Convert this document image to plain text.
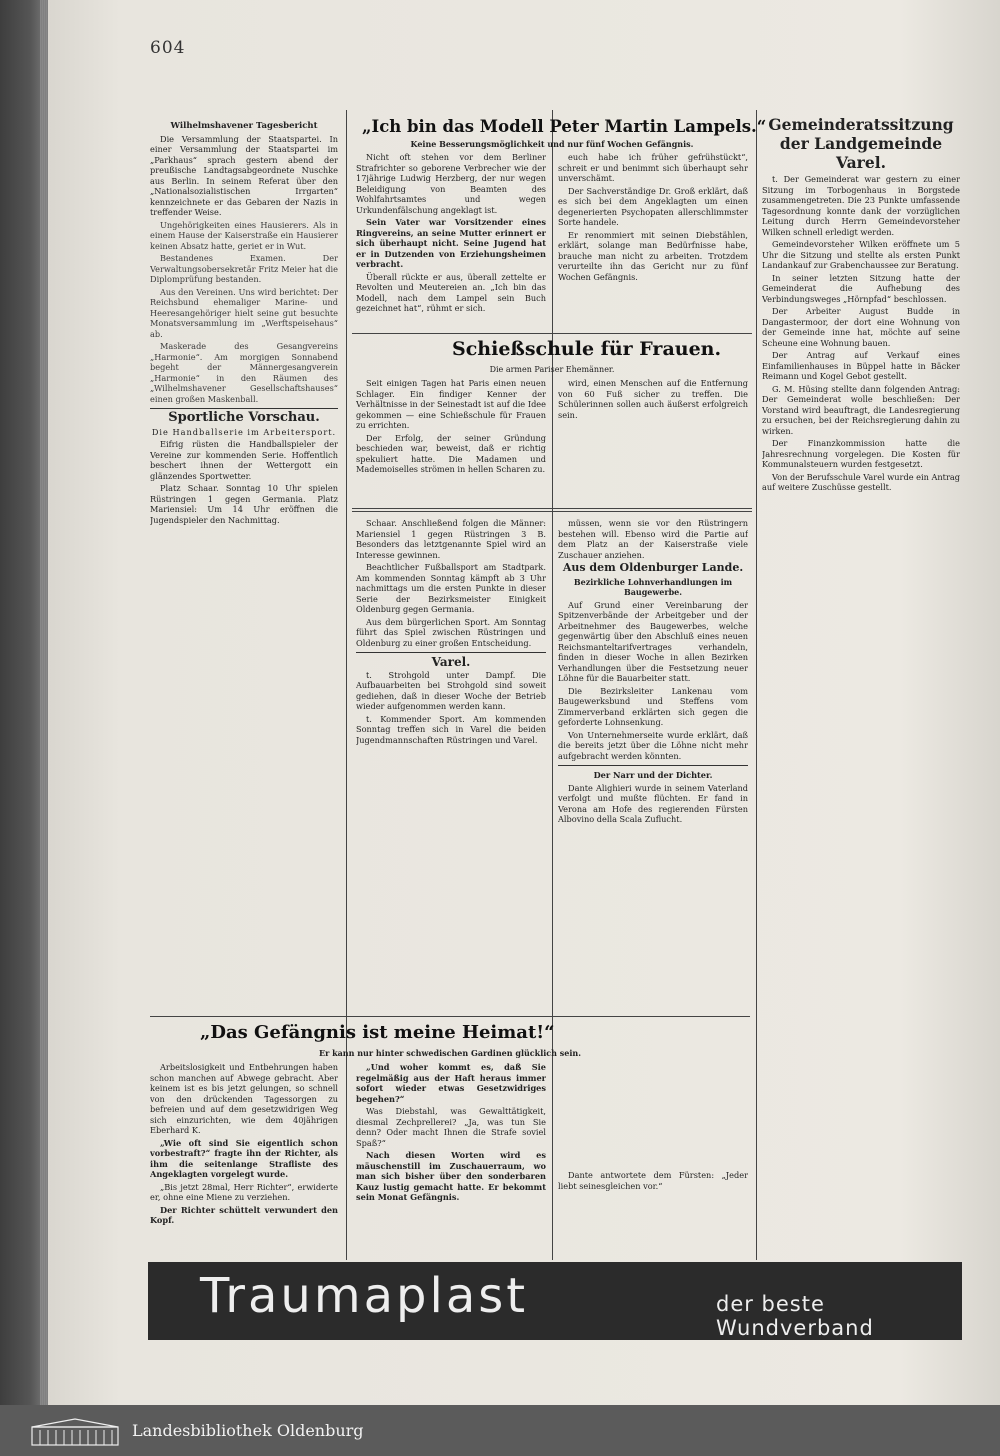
604
Wilhelmshavener Tagesbericht

Die Versammlung der Staatspartei. In einer Versammlung der Staatspartei im „Parkhaus“ sprach gestern abend der preußische Landtagsabgeordnete Nuschke aus Berlin. In seinem Referat über den „Nationalsozialistischen Irrgarten“ kennzeichnete er das Gebaren der Nazis in treffender Weise.

Ungehörigkeiten eines Hausierers. Als in einem Hause der Kaiserstraße ein Hausierer keinen Absatz hatte, geriet er in Wut.

Bestandenes Examen. Der Verwaltungsobersekretär Fritz Meier hat die Diplomprüfung bestanden.

Aus den Vereinen. Uns wird berichtet: Der Reichsbund ehemaliger Marine- und Heeresangehöriger hielt seine gut besuchte Monatsversammlung im „Werftspeisehaus“ ab.

Maskerade des Gesangvereins „Harmonie“. Am morgigen Sonnabend begeht der Männergesangverein „Harmonie“ in den Räumen des „Wilhelmshavener Gesellschaftshauses“ einen großen Maskenball.

Sportliche Vorschau.
Die Handballserie im Arbeitersport.

Eifrig rüsten die Handballspieler der Vereine zur kommenden Serie. Hoffentlich beschert ihnen der Wettergott ein glänzendes Sportwetter.

Platz Schaar. Sonntag 10 Uhr spielen Rüstringen 1 gegen Germania. Platz Mariensiel: Um 14 Uhr eröffnen die Jugendspieler den Nachmittag.

„Ich bin das Modell Peter Martin Lampels.“
Keine Besserungsmöglichkeit und nur fünf Wochen Gefängnis.

Nicht oft stehen vor dem Berliner Strafrichter so geborene Verbrecher wie der 17jährige Ludwig Herzberg, der nur wegen Beleidigung von Beamten des Wohlfahrtsamtes und wegen Urkundenfälschung angeklagt ist.

Sein Vater war Vorsitzender eines Ringvereins, an seine Mutter erinnert er sich überhaupt nicht. Seine Jugend hat er in Dutzenden von Erziehungsheimen verbracht.

Überall rückte er aus, überall zettelte er Revolten und Meutereien an. „Ich bin das Modell, nach dem Lampel sein Buch gezeichnet hat“, rühmt er sich.

euch habe ich früher gefrühstückt“, schreit er und benimmt sich überhaupt sehr unverschämt.

Der Sachverständige Dr. Groß erklärt, daß es sich bei dem Angeklagten um einen degenerierten Psychopaten allerschlimmster Sorte handele.

Er renommiert mit seinen Diebstählen, erklärt, solange man Bedürfnisse habe, brauche man nicht zu arbeiten. Trotzdem verurteilte ihn das Gericht nur zu fünf Wochen Gefängnis.

Schießschule für Frauen.
Die armen Pariser Ehemänner.

Seit einigen Tagen hat Paris einen neuen Schlager. Ein findiger Kenner der Verhältnisse in der Seinestadt ist auf die Idee gekommen — eine Schießschule für Frauen zu errichten.

Der Erfolg, der seiner Gründung beschieden war, beweist, daß er richtig spekuliert hatte. Die Madamen und Mademoiselles strömen in hellen Scharen zu.

wird, einen Menschen auf die Entfernung von 60 Fuß sicher zu treffen. Die Schülerinnen sollen auch äußerst erfolgreich sein.

Schaar. Anschließend folgen die Männer: Mariensiel 1 gegen Rüstringen 3 B. Besonders das letztgenannte Spiel wird an Interesse gewinnen.

Beachtlicher Fußballsport am Stadtpark. Am kommenden Sonntag kämpft ab 3 Uhr nachmittags um die ersten Punkte in dieser Serie der Bezirksmeister Einigkeit Oldenburg gegen Germania.

Aus dem bürgerlichen Sport. Am Sonntag führt das Spiel zwischen Rüstringen und Oldenburg zu einer großen Entscheidung.

Varel.

t. Strohgold unter Dampf. Die Aufbauarbeiten bei Strohgold sind soweit gediehen, daß in dieser Woche der Betrieb wieder aufgenommen werden kann.

t. Kommender Sport. Am kommenden Sonntag treffen sich in Varel die beiden Jugendmannschaften Rüstringen und Varel.

müssen, wenn sie vor den Rüstringern bestehen will. Ebenso wird die Partie auf dem Platz an der Kaiserstraße viele Zuschauer anziehen.

Aus dem Oldenburger Lande.
Bezirkliche Lohnverhandlungen im Baugewerbe.

Auf Grund einer Vereinbarung der Spitzenverbände der Arbeitgeber und der Arbeitnehmer des Baugewerbes, welche gegenwärtig über den Abschluß eines neuen Reichsmanteltarifvertrages verhandeln, finden in dieser Woche in allen Bezirken Verhandlungen über die Festsetzung neuer Löhne für die Bauarbeiter statt.

Die Bezirksleiter Lankenau vom Baugewerksbund und Steffens vom Zimmerverband erklärten sich gegen die geforderte Lohnsenkung.

Von Unternehmerseite wurde erklärt, daß die bereits jetzt über die Löhne nicht mehr aufgebracht werden könnten.

Der Narr und der Dichter.

Dante Alighieri wurde in seinem Vaterland verfolgt und mußte flüchten. Er fand in Verona am Hofe des regierenden Fürsten Albovino della Scala Zuflucht.

Gemeinderatssitzung der Landgemeinde Varel.

t. Der Gemeinderat war gestern zu einer Sitzung im Torbogenhaus in Borgstede zusammengetreten. Die 23 Punkte umfassende Tagesordnung konnte dank der vorzüglichen Leitung durch Herrn Gemeindevorsteher Wilken schnell erledigt werden.

Gemeindevorsteher Wilken eröffnete um 5 Uhr die Sitzung und stellte als ersten Punkt Landankauf zur Grabenchaussee zur Beratung.

In seiner letzten Sitzung hatte der Gemeinderat die Aufhebung des Verbindungsweges „Hörnpfad“ beschlossen.

Der Arbeiter August Budde in Dangastermoor, der dort eine Wohnung von der Gemeinde inne hat, möchte auf seine Scheune eine Wohnung bauen.

Der Antrag auf Verkauf eines Einfamilienhauses in Büppel hatte in Bäcker Reimann und Kogel Gebot gestellt.

G. M. Hüsing stellte dann folgenden Antrag: Der Gemeinderat wolle beschließen: Der Vorstand wird beauftragt, die Landesregierung zu ersuchen, bei der Reichsregierung dahin zu wirken.

Der Finanzkommission hatte die Jahresrechnung vorgelegen. Die Kosten für Kommunalsteuern wurden festgesetzt.

Von der Berufsschule Varel wurde ein Antrag auf weitere Zuschüsse gestellt.

„Das Gefängnis ist meine Heimat!“
Er kann nur hinter schwedischen Gardinen glücklich sein.

Arbeitslosigkeit und Entbehrungen haben schon manchen auf Abwege gebracht. Aber keinem ist es bis jetzt gelungen, so schnell von den drückenden Tagessorgen zu befreien und auf dem gesetzwidrigen Weg sich einzurichten, wie dem 40jährigen Eberhard K.

„Wie oft sind Sie eigentlich schon vorbestraft?“ fragte ihn der Richter, als ihm die seitenlange Strafliste des Angeklagten vorgelegt wurde.

„Bis jetzt 28mal, Herr Richter“, erwiderte er, ohne eine Miene zu verziehen.

Der Richter schüttelt verwundert den Kopf.

„Und woher kommt es, daß Sie regelmäßig aus der Haft heraus immer sofort wieder etwas Gesetzwidriges begehen?“

Was Diebstahl, was Gewalttätigkeit, diesmal Zechprellerei? „Ja, was tun Sie denn? Oder macht Ihnen die Strafe soviel Spaß?“

Nach diesen Worten wird es mäuschenstill im Zuschauerraum, wo man sich bisher über den sonderbaren Kauz lustig gemacht hatte. Er bekommt sein Monat Gefängnis.

Dante antwortete dem Fürsten: „Jeder liebt seinesgleichen vor.“

Traumaplast	der beste Wundverband
Landesbibliothek Oldenburg
